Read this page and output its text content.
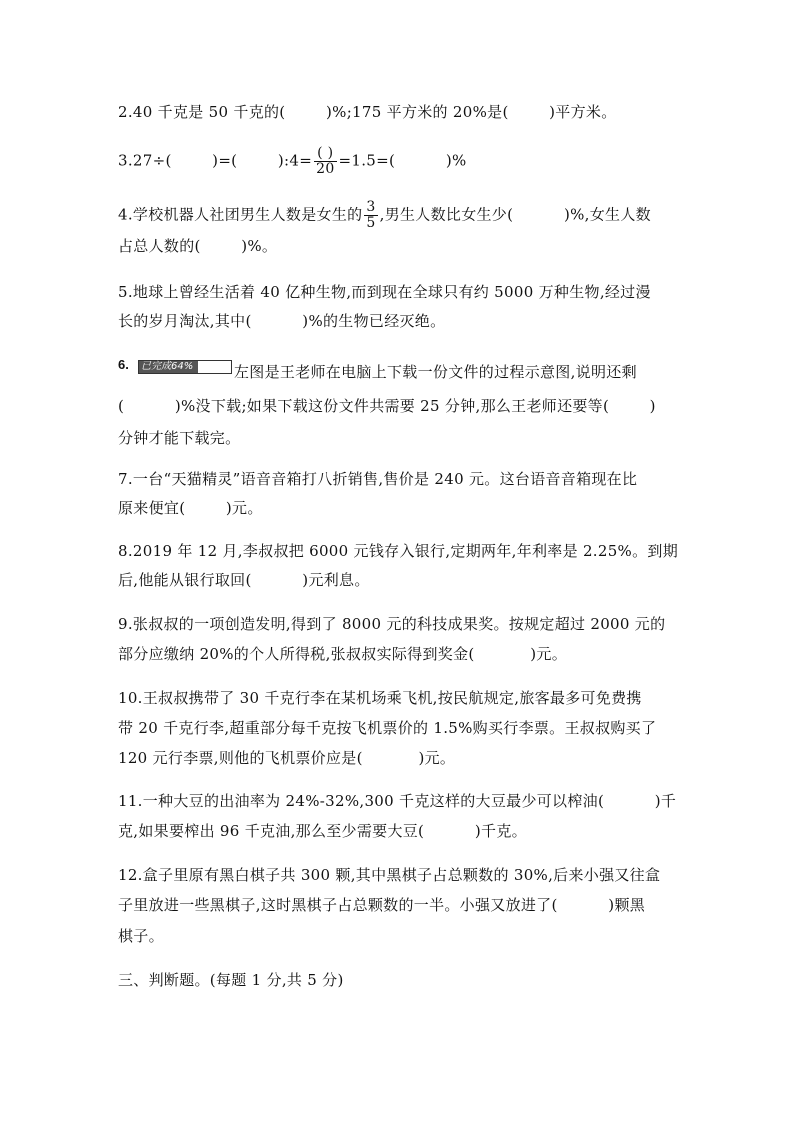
2.40 千克是 50 千克的(        )%;175 平方米的 20%是(        )平方米。
3.27÷(        )=(        ):4= $\frac{( )}{20} =1.5=$(          )%
4.学校机器人社团男生人数是女生的 $\frac{3}{5}$ ,男生人数比女生少(          )%,女生人数
占总人数的(        )%。
5.地球上曾经生活着 40 亿种生物,而到现在全球只有约 5000 万种生物,经过漫
长的岁月淘汰,其中(          )%的生物已经灭绝。
6. 已完成64%	左图是王老师在电脑上下载一份文件的过程示意图,说明还剩
(          )%没下载;如果下载这份文件共需要 25 分钟,那么王老师还要等(        )
分钟才能下载完。
7.一台“天猫精灵”语音音箱打八折销售,售价是 240 元。这台语音音箱现在比
原来便宜(        )元。
8.2019 年 12 月,李叔叔把 6000 元钱存入银行,定期两年,年利率是 2.25%。到期
后,他能从银行取回(          )元利息。
9.张叔叔的一项创造发明,得到了 8000 元的科技成果奖。按规定超过 2000 元的
部分应缴纳 20%的个人所得税,张叔叔实际得到奖金(           )元。
10.王叔叔携带了 30 千克行李在某机场乘飞机,按民航规定,旅客最多可免费携
带 20 千克行李,超重部分每千克按飞机票价的 1.5%购买行李票。王叔叔购买了
120 元行李票,则他的飞机票价应是(           )元。
11.一种大豆的出油率为 24%-32%,300 千克这样的大豆最少可以榨油(          )千
克,如果要榨出 96 千克油,那么至少需要大豆(          )千克。
12.盒子里原有黑白棋子共 300 颗,其中黑棋子占总颗数的 30%,后来小强又往盒
子里放进一些黑棋子,这时黑棋子占总颗数的一半。小强又放进了(          )颗黑
棋子。
三、判断题。(每题 1 分,共 5 分)
